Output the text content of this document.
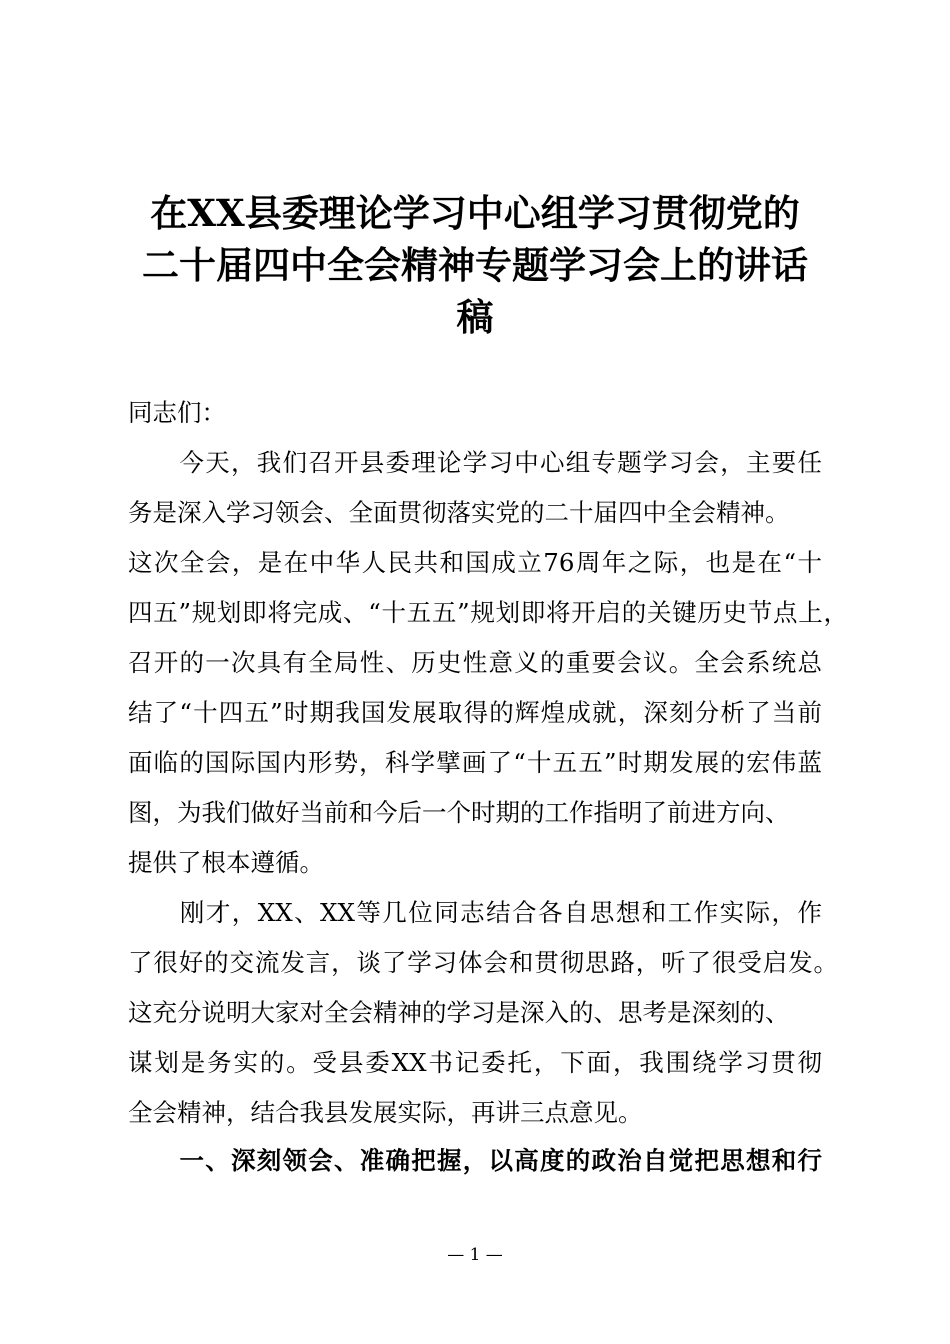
在XX县委理论学习中心组学习贯彻党的
二十届四中全会精神专题学习会上的讲话
稿
同志们：
　　今天，我们召开县委理论学习中心组专题学习会，主要任
务是深入学习领会、全面贯彻落实党的二十届四中全会精神。
这次全会，是在中华人民共和国成立76周年之际，也是在“十
四五”规划即将完成、“十五五”规划即将开启的关键历史节点上，
召开的一次具有全局性、历史性意义的重要会议。全会系统总
结了“十四五”时期我国发展取得的辉煌成就，深刻分析了当前
面临的国际国内形势，科学擘画了“十五五”时期发展的宏伟蓝
图，为我们做好当前和今后一个时期的工作指明了前进方向、
提供了根本遵循。
　　刚才，XX、XX等几位同志结合各自思想和工作实际，作
了很好的交流发言，谈了学习体会和贯彻思路，听了很受启发。
这充分说明大家对全会精神的学习是深入的、思考是深刻的、
谋划是务实的。受县委XX书记委托，下面，我围绕学习贯彻
全会精神，结合我县发展实际，再讲三点意见。
　　一、深刻领会、准确把握，以高度的政治自觉把思想和行
— 1 —
